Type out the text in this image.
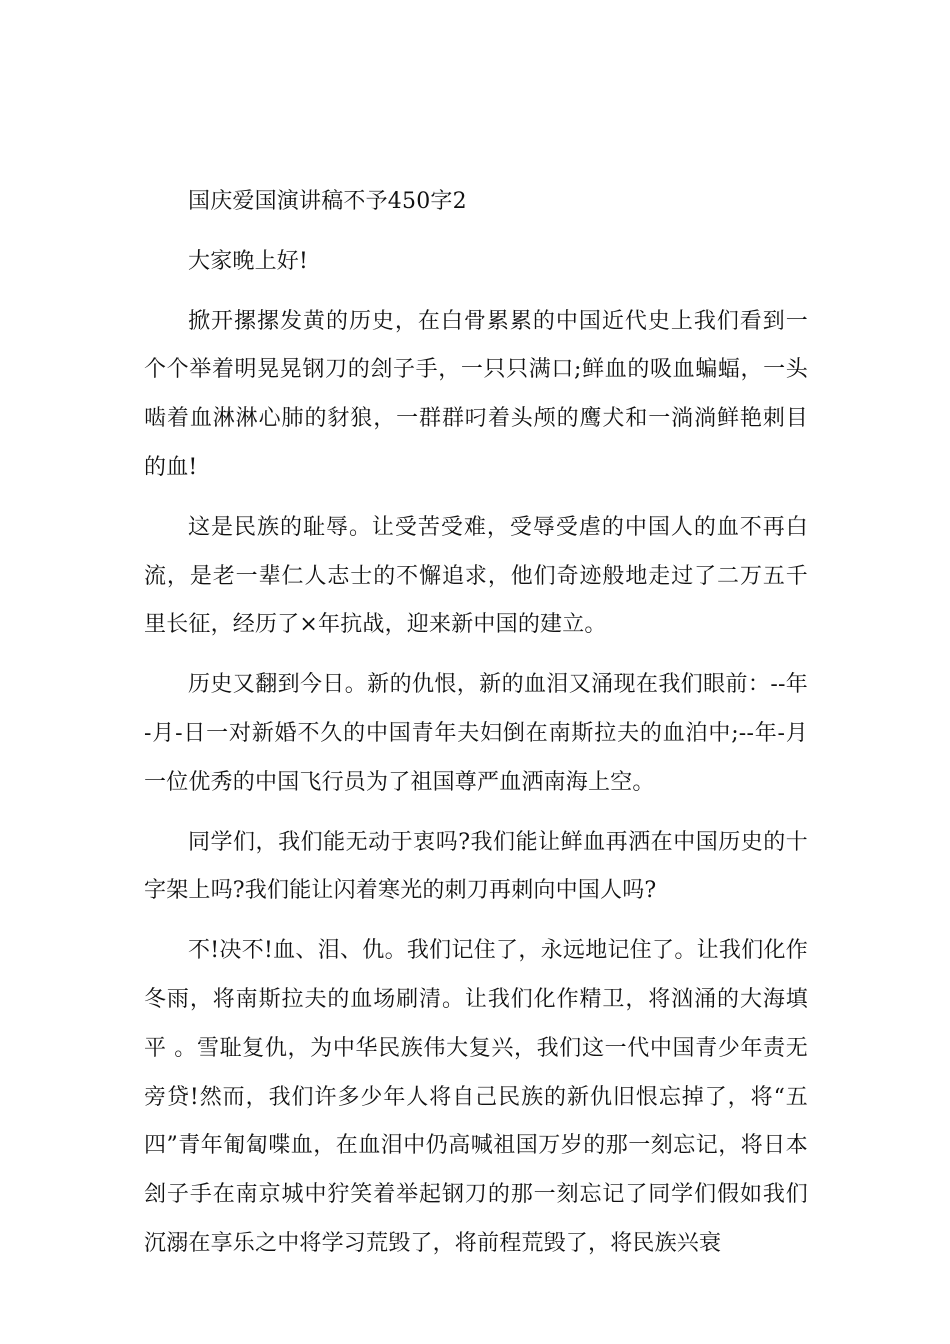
国庆爱国演讲稿不予450字2

大家晚上好!

掀开摞摞发黄的历史，在白骨累累的中国近代史上我们看到一个个举着明晃晃钢刀的刽子手，一只只满口;鲜血的吸血蝙蝠，一头啮着血淋淋心肺的豺狼，一群群叼着头颅的鹰犬和一淌淌鲜艳刺目的血!

这是民族的耻辱。让受苦受难，受辱受虐的中国人的血不再白流，是老一辈仁人志士的不懈追求，他们奇迹般地走过了二万五千里长征，经历了×年抗战，迎来新中国的建立。

历史又翻到今日。新的仇恨，新的血泪又涌现在我们眼前：--年-月-日一对新婚不久的中国青年夫妇倒在南斯拉夫的血泊中;--年-月一位优秀的中国飞行员为了祖国尊严血洒南海上空。

同学们，我们能无动于衷吗?我们能让鲜血再洒在中国历史的十字架上吗?我们能让闪着寒光的刺刀再刺向中国人吗?

不!决不!血、泪、仇。我们记住了，永远地记住了。让我们化作冬雨，将南斯拉夫的血场刷清。让我们化作精卫，将汹涌的大海填平 。雪耻复仇，为中华民族伟大复兴，我们这一代中国青少年责无旁贷!然而，我们许多少年人将自己民族的新仇旧恨忘掉了，将“五四”青年匍匐喋血，在血泪中仍高喊祖国万岁的那一刻忘记，将日本刽子手在南京城中狞笑着举起钢刀的那一刻忘记了同学们假如我们沉溺在享乐之中将学习荒毁了，将前程荒毁了，将民族兴衰
